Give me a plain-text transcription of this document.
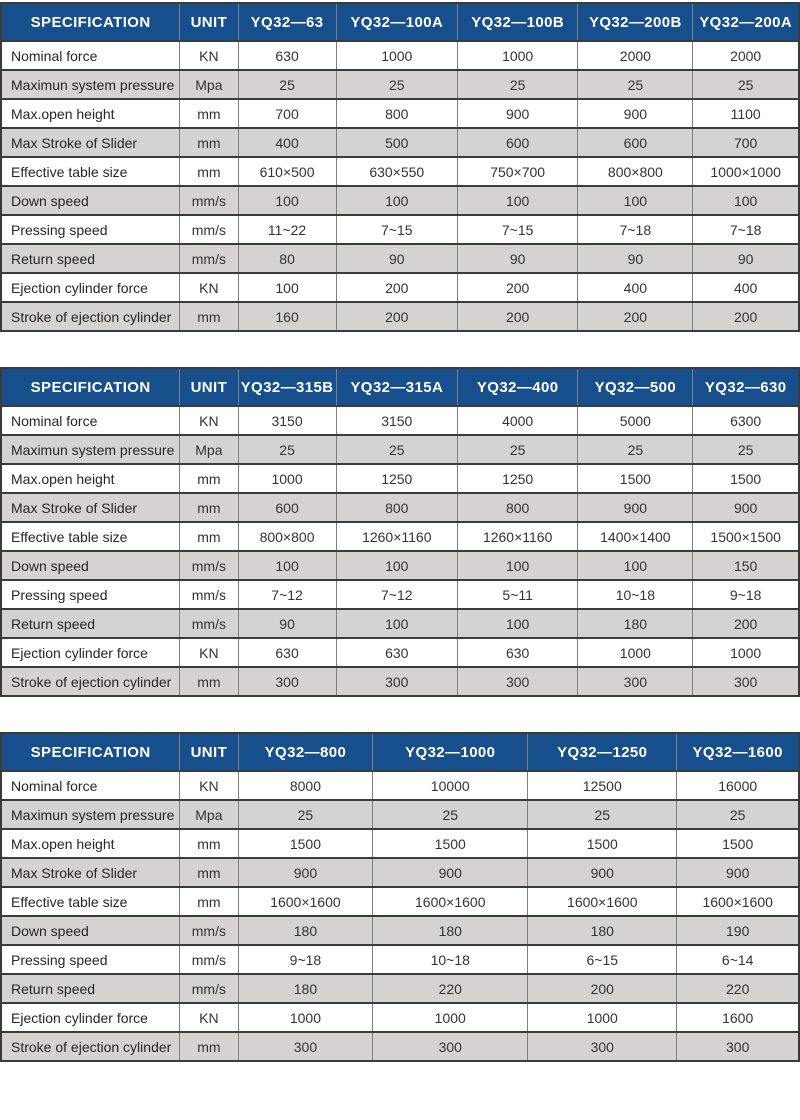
SPECIFICATION	UNIT	YQ32—63	YQ32—100A	YQ32—100B	YQ32—200B	YQ32—200A
Nominal force	KN	630	1000	1000	2000	2000
Maximun system pressure	Mpa	25	25	25	25	25
Max.open height	mm	700	800	900	900	1100
Max Stroke of Slider	mm	400	500	600	600	700
Effective table size	mm	610×500	630×550	750×700	800×800	1000×1000
Down speed	mm/s	100	100	100	100	100
Pressing speed	mm/s	11~22	7~15	7~15	7~18	7~18
Return speed	mm/s	80	90	90	90	90
Ejection cylinder force	KN	100	200	200	400	400
Stroke of ejection cylinder	mm	160	200	200	200	200
SPECIFICATION	UNIT	YQ32—315B	YQ32—315A	YQ32—400	YQ32—500	YQ32—630
Nominal force	KN	3150	3150	4000	5000	6300
Maximun system pressure	Mpa	25	25	25	25	25
Max.open height	mm	1000	1250	1250	1500	1500
Max Stroke of Slider	mm	600	800	800	900	900
Effective table size	mm	800×800	1260×1160	1260×1160	1400×1400	1500×1500
Down speed	mm/s	100	100	100	100	150
Pressing speed	mm/s	7~12	7~12	5~11	10~18	9~18
Return speed	mm/s	90	100	100	180	200
Ejection cylinder force	KN	630	630	630	1000	1000
Stroke of ejection cylinder	mm	300	300	300	300	300
SPECIFICATION	UNIT	YQ32—800	YQ32—1000	YQ32—1250	YQ32—1600
Nominal force	KN	8000	10000	12500	16000
Maximun system pressure	Mpa	25	25	25	25
Max.open height	mm	1500	1500	1500	1500
Max Stroke of Slider	mm	900	900	900	900
Effective table size	mm	1600×1600	1600×1600	1600×1600	1600×1600
Down speed	mm/s	180	180	180	190
Pressing speed	mm/s	9~18	10~18	6~15	6~14
Return speed	mm/s	180	220	200	220
Ejection cylinder force	KN	1000	1000	1000	1600
Stroke of ejection cylinder	mm	300	300	300	300
